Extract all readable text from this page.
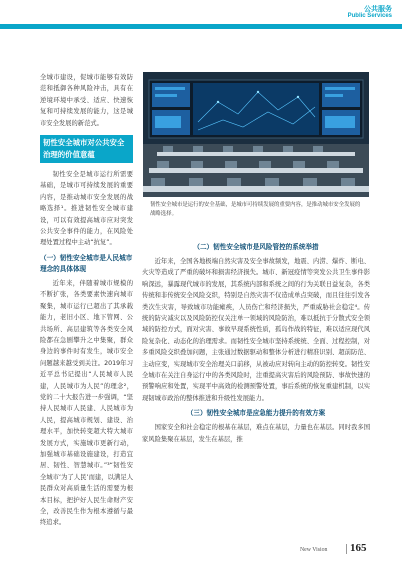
公共服务
Public Services

全城市建设，促城市能够有效防范和抵御各种风险冲击，具有在逆境环境中承受、适应、快速恢复和可持续发展的能力，这是城市安全发展的新范式。

韧性安全城市对公共安全治理的价值意蕴

韧性安全是城市运行所需要基础，是城市可持续发展的重要内容，是推动城市安全发展的战略选择¹。推进韧性安全城市建设，可以有效提高城市应对突发公共安全事件的能力，在风险处理处置过程中主动“抗复”。

（一）韧性安全城市是人民城市理念的具体体现

近年来，伴随着城市规模的不断扩张，各类要素快速向城市聚集，城市运行已超出了其承载能力，老旧小区、地下管网、公共场所、高层建筑等各类安全风险都在急剧攀升之中集聚，群众身边的事件时有发生，城市安全问题越来越受到关注。2019年习近平总书记提出“人民城市人民建，人民城市为人民”的理念²，党的二十大报告进一步强调，“坚持人民城市人民建、人民城市为人民，提高城市规划、建设、治理水平，加快转变超大特大城市发展方式，实施城市更新行动，加强城市基础设施建设，打造宜居、韧性、智慧城市。”³“韧性安全城市‘为了人民’而建，以满足人民群众对高质量生活的需要为根本目标，把护好人民生命财产安全，改善民生作为根本遵循与最终追求。

韧性安全城市是运行的安全基础，是城市可持续发展的重要内容，是推动城市安全发展的战略选择。
（二）韧性安全城市是风险管控的系统举措

近年来，全国各地极端自然灾害及安全事故频发，地震、内涝、爆炸、断电、火灾等造成了严重的破坏和损害经济损失。城市、新冠疫情等突发公共卫生事件影响深远，暴露现代城市的发展，其系统内部和系统之间的行为关联日益复杂，各类传统和非传统安全风险交织，特别是自然灾害不仅造成单点突破，而且往往引发各类次生灾害，导致城市功能瘫痪，人员伤亡和经济损失，严重威胁社会稳定⁴。传统的防灾减灾以及风险防控仅关注单一领域的风险防治，难以抵抗于分散式安全领域的防控方式，面对灾害、事故早现系统性质，孤岛作战的特征，难以适应现代风险复杂化、动态化的治理需求。而韧性安全城市坚持系统统、全面、过程控制，对多重风险交织叠加问题，主张通过数据驱动和整体分析进行精准识别、超前防范、主动应变，实现城市安全治理关口前移，从被动应对转向主动的防控转变。韧性安全城市在关注自身运行中的各类风险时，注重提高灾害后的风险预防、事故快速的预警响应和处置，实现平中高效的检测预警处置，事后系统的恢复重建机制，以实现韧城市政治的整体推进和升级性发展能力。

（三）韧性安全城市是应急能力提升的有效方案

国家安全和社会稳定的根基在基层，难点在基层，力量也在基层。同时我多国家风险集聚在基层，发生在基层，推

New Vision 165
